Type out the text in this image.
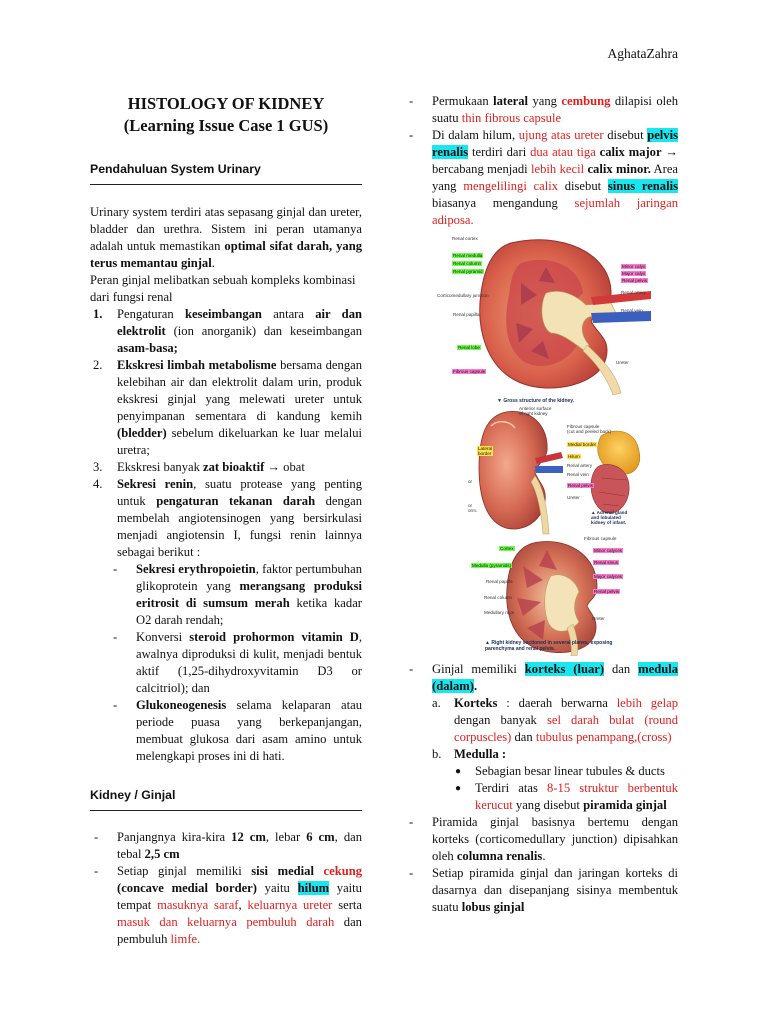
AghataZahra
HISTOLOGY OF KIDNEY
(Learning Issue Case 1 GUS)
Pendahuluan System Urinary

Urinary system terdiri atas sepasang ginjal dan ureter, bladder dan urethra. Sistem ini peran utamanya adalah untuk memastikan optimal sifat darah, yang terus memantau ginjal.

Peran ginjal melibatkan sebuah kompleks kombinasi dari fungsi renal

1. Pengaturan keseimbangan antara air dan elektrolit (ion anorganik) dan keseimbangan asam-basa;
2. Ekskresi limbah metabolisme bersama dengan kelebihan air dan elektrolit dalam urin, produk ekskresi ginjal yang melewati ureter untuk penyimpanan sementara di kandung kemih (bledder) sebelum dikeluarkan ke luar melalui uretra;
3. Ekskresi banyak zat bioaktif → obat
4. Sekresi renin, suatu protease yang penting untuk pengaturan tekanan darah dengan membelah angiotensinogen yang bersirkulasi menjadi angiotensin I, fungsi renin lainnya sebagai berikut :
- Sekresi erythropoietin, faktor pertumbuhan glikoprotein yang merangsang produksi eritrosit di sumsum merah ketika kadar O2 darah rendah;
- Konversi steroid prohormon vitamin D, awalnya diproduksi di kulit, menjadi bentuk aktif (1,25-dihydroxyvitamin D3 or calcitriol); dan
- Glukoneogenesis selama kelaparan atau periode puasa yang berkepanjangan, membuat glukosa dari asam amino untuk melengkapi proses ini di hati.
Kidney / Ginjal
- Panjangnya kira-kira 12 cm, lebar 6 cm, dan tebal 2,5 cm
- Setiap ginjal memiliki sisi medial cekung (concave medial border) yaitu hilum yaitu tempat masuknya saraf, keluarnya ureter serta masuk dan keluarnya pembuluh darah dan pembuluh limfe.
- Permukaan lateral yang cembung dilapisi oleh suatu thin fibrous capsule
- Di dalam hilum, ujung atas ureter disebut pelvis renalis terdiri dari dua atau tiga calix major → bercabang menjadi lebih kecil calix minor. Area yang mengelilingi calix disebut sinus renalis biasanya mengandung sejumlah jaringan adiposa.
Renal cortex
Renal medulla
Renal column
Renal pyramid
Corticomedullary junction
Renal papilla
Renal lobe
Fibrous capsule
Minor calyx
Major calyx
Renal pelvis
Renal artery
Renal vein
Ureter
▼ Gross structure of the kidney.
Anterior surface
of right kidney
Fibrous capsule
(cut and peeled back)
Medial border
Hilum
Renal artery
Renal vein
Renal pelvis
Ureter
Lateral
border
or
or
orm.	▲ Adrenal gland
and lobulated
kidney of infant.
Fibrous capsule
Cortex	Minor calyces
Renal sinus
Medulla (pyramids)
Major calyces
Renal papilla
Renal pelvis
Renal column
Medullary rays
Ureter
▲ Right kidney sectioned in several planes, exposing
parenchyma and renal pelvis.
- Ginjal memiliki korteks (luar) dan medula (dalam).
a. Korteks : daerah berwarna lebih gelap dengan banyak sel darah bulat (round corpuscles) dan tubulus penampang,(cross)
b. Medulla :
● Sebagian besar linear tubules & ducts
● Terdiri atas 8-15 struktur berbentuk kerucut yang disebut piramida ginjal
- Piramida ginjal basisnya bertemu dengan korteks (corticomedullary junction) dipisahkan oleh columna renalis.
- Setiap piramida ginjal dan jaringan korteks di dasarnya dan disepanjang sisinya membentuk suatu lobus ginjal
